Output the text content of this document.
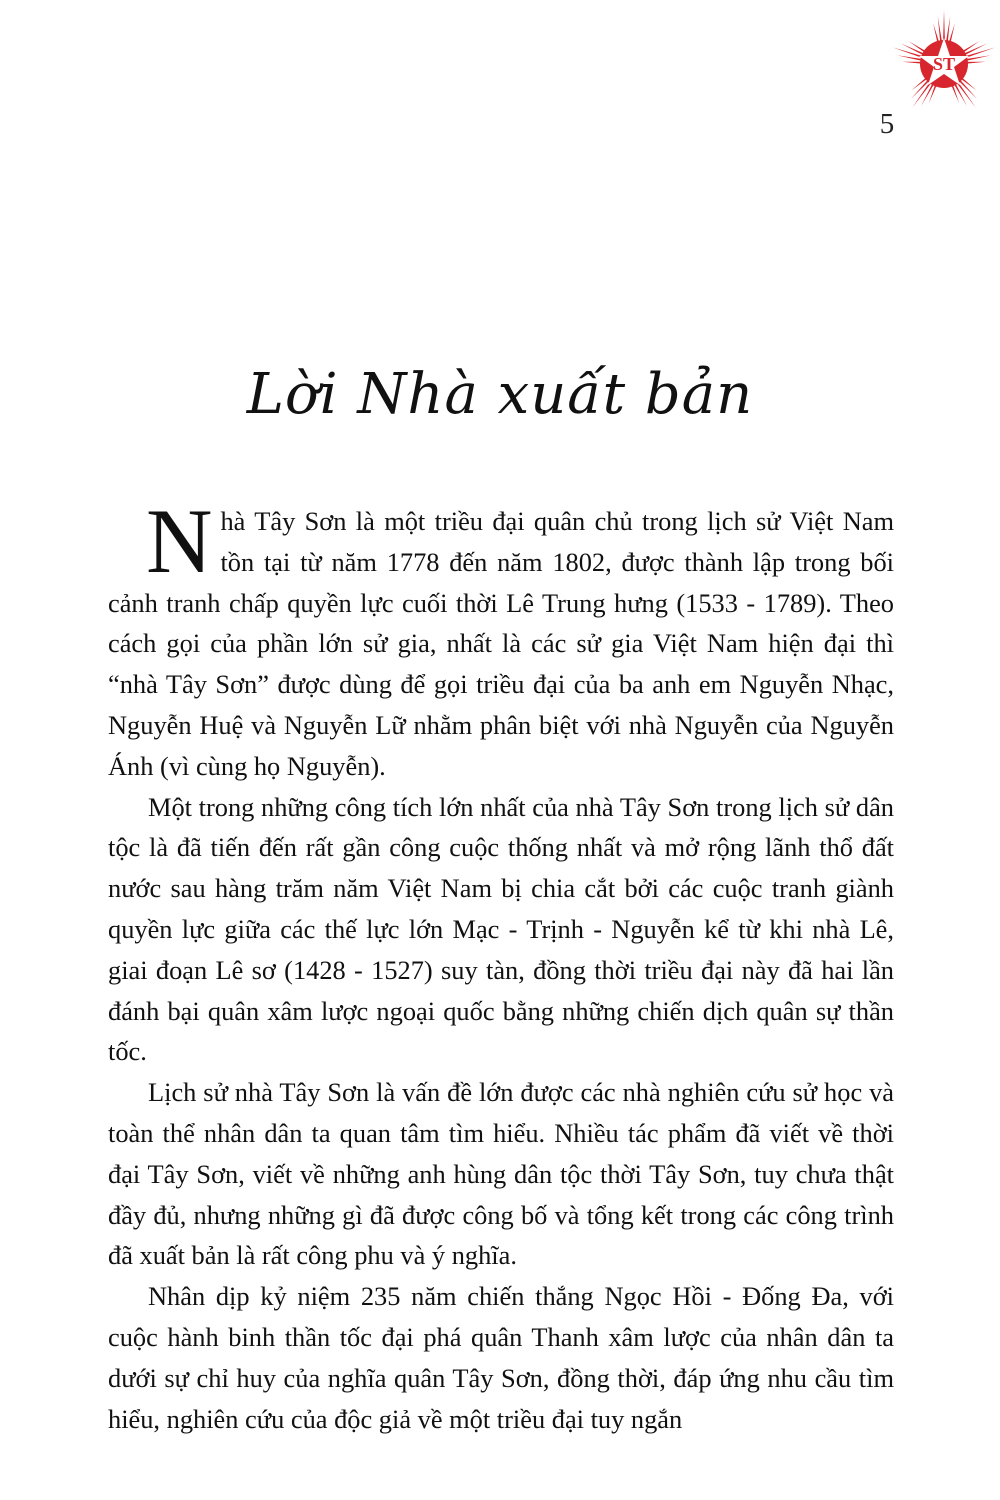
ST
5
Lời Nhà xuất bản

Nhà Tây Sơn là một triều đại quân chủ trong lịch sử Việt Nam tồn tại từ năm 1778 đến năm 1802, được thành lập trong bối cảnh tranh chấp quyền lực cuối thời Lê Trung hưng (1533 - 1789). Theo cách gọi của phần lớn sử gia, nhất là các sử gia Việt Nam hiện đại thì “nhà Tây Sơn” được dùng để gọi triều đại của ba anh em Nguyễn Nhạc, Nguyễn Huệ và Nguyễn Lữ nhằm phân biệt với nhà Nguyễn của Nguyễn Ánh (vì cùng họ Nguyễn).

Một trong những công tích lớn nhất của nhà Tây Sơn trong lịch sử dân tộc là đã tiến đến rất gần công cuộc thống nhất và mở rộng lãnh thổ đất nước sau hàng trăm năm Việt Nam bị chia cắt bởi các cuộc tranh giành quyền lực giữa các thế lực lớn Mạc - Trịnh - Nguyễn kể từ khi nhà Lê, giai đoạn Lê sơ (1428 - 1527) suy tàn, đồng thời triều đại này đã hai lần đánh bại quân xâm lược ngoại quốc bằng những chiến dịch quân sự thần tốc.

Lịch sử nhà Tây Sơn là vấn đề lớn được các nhà nghiên cứu sử học và toàn thể nhân dân ta quan tâm tìm hiểu. Nhiều tác phẩm đã viết về thời đại Tây Sơn, viết về những anh hùng dân tộc thời Tây Sơn, tuy chưa thật đầy đủ, nhưng những gì đã được công bố và tổng kết trong các công trình đã xuất bản là rất công phu và ý nghĩa.

Nhân dịp kỷ niệm 235 năm chiến thắng Ngọc Hồi - Đống Đa, với cuộc hành binh thần tốc đại phá quân Thanh xâm lược của nhân dân ta dưới sự chỉ huy của nghĩa quân Tây Sơn, đồng thời, đáp ứng nhu cầu tìm hiểu, nghiên cứu của độc giả về một triều đại tuy ngắn
